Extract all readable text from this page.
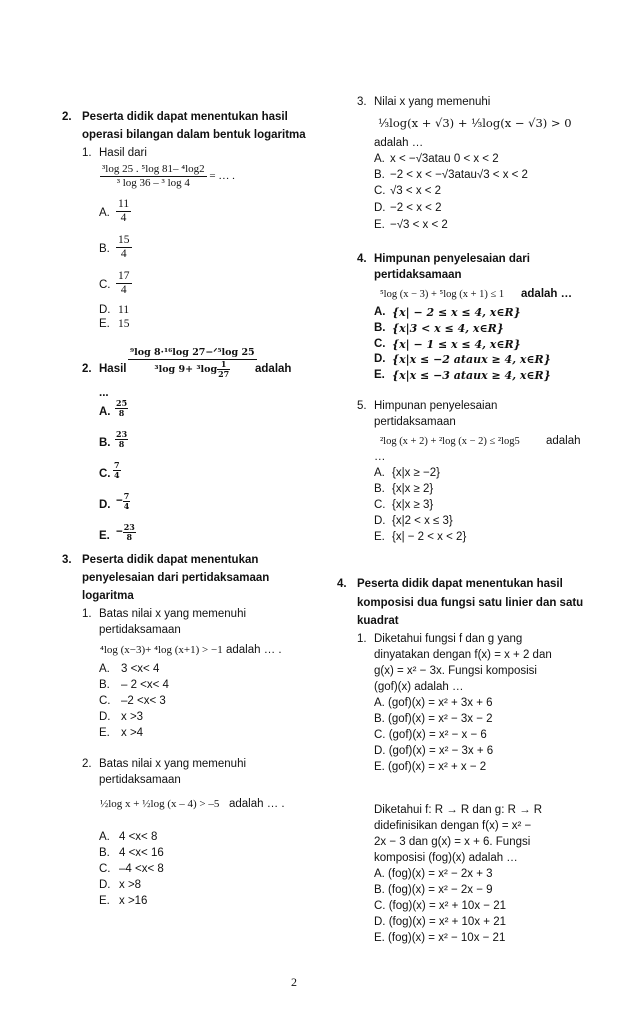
2. Peserta didik dapat menentukan hasil
operasi bilangan dalam bentuk logaritma
1. Hasil dari
$\frac{\text{³log 25 . ⁵log 81– ⁴log2}}{\text{³ log 36 – ³ log 4}}$ = … .
A. $\frac{11}{4}$
B. $\frac{15}{4}$
C. $\frac{17}{4}$
D. 11
E. 15
2. Hasil $\frac{\text{⁹log 8·¹⁶log 27−ᐟ⁵log 25}}{^3\log 9+ ^3\log \frac{1}{27}}$
adalah
...
A. $\frac{25}{8}$
B. $\frac{23}{8}$
C. $\frac{7}{4}$
D. − $\frac{7}{4}$
E. − $\frac{23}{8}$
3. Peserta didik dapat menentukan
penyelesaian dari pertidaksamaan
logaritma
1. Batas nilai x yang memenuhi
pertidaksamaan
⁴log (x−3)+ ⁴log (x+1) > −1 adalah … .
A. 3 <x< 4
B. – 2 <x< 4
C. –2 <x< 3
D. x >3
E. x >4
2. Batas nilai x yang memenuhi
pertidaksamaan
½log x + ½log (x – 4) > –5 adalah … .
A. 4 <x< 8
B. 4 <x< 16
C. –4 <x< 8
D. x >8
E. x >16
3. Nilai x yang memenuhi
⅓log(x + √3) + ⅓log(x − √3) > 0
adalah …
A. x < −√3atau 0 < x < 2
B. −2 < x < −√3atau√3 < x < 2
C. √3 < x < 2
D. −2 < x < 2
E. −√3 < x < 2
4. Himpunan penyelesaian dari
pertidaksamaan
⁵log (x − 3) + ⁵log (x + 1) ≤ 1 adalah …
A. {x| − 2 ≤ x ≤ 4, x∈R}
B. {x|3 < x ≤ 4, x∈R}
C. {x| − 1 ≤ x ≤ 4, x∈R}
D. {x|x ≤ −2 ataux ≥ 4, x∈R}
E. {x|x ≤ −3 ataux ≥ 4, x∈R}
5. Himpunan penyelesaian
pertidaksamaan
²log (x + 2) + ²log (x − 2) ≤ ²log5 adalah
…
A. {x|x ≥ −2}
B. {x|x ≥ 2}
C. {x|x ≥ 3}
D. {x|2 < x ≤ 3}
E. {x| − 2 < x < 2}
4. Peserta didik dapat menentukan hasil
komposisi dua fungsi satu linier dan satu
kuadrat
1. Diketahui fungsi f dan g yang
dinyatakan dengan f(x) = x + 2 dan
g(x) = x² − 3x. Fungsi komposisi
(gof)(x) adalah …
A. (gof)(x) = x² + 3x + 6
B. (gof)(x) = x² − 3x − 2
C. (gof)(x) = x² − x − 6
D. (gof)(x) = x² − 3x + 6
E. (gof)(x) = x² + x − 2
Diketahui f: R → R dan g: R → R
didefinisikan dengan f(x) = x² −
2x − 3 dan g(x) = x + 6. Fungsi
komposisi (fog)(x) adalah …
A. (fog)(x) = x² − 2x + 3
B. (fog)(x) = x² − 2x − 9
C. (fog)(x) = x² + 10x − 21
D. (fog)(x) = x² + 10x + 21
E. (fog)(x) = x² − 10x − 21
2
